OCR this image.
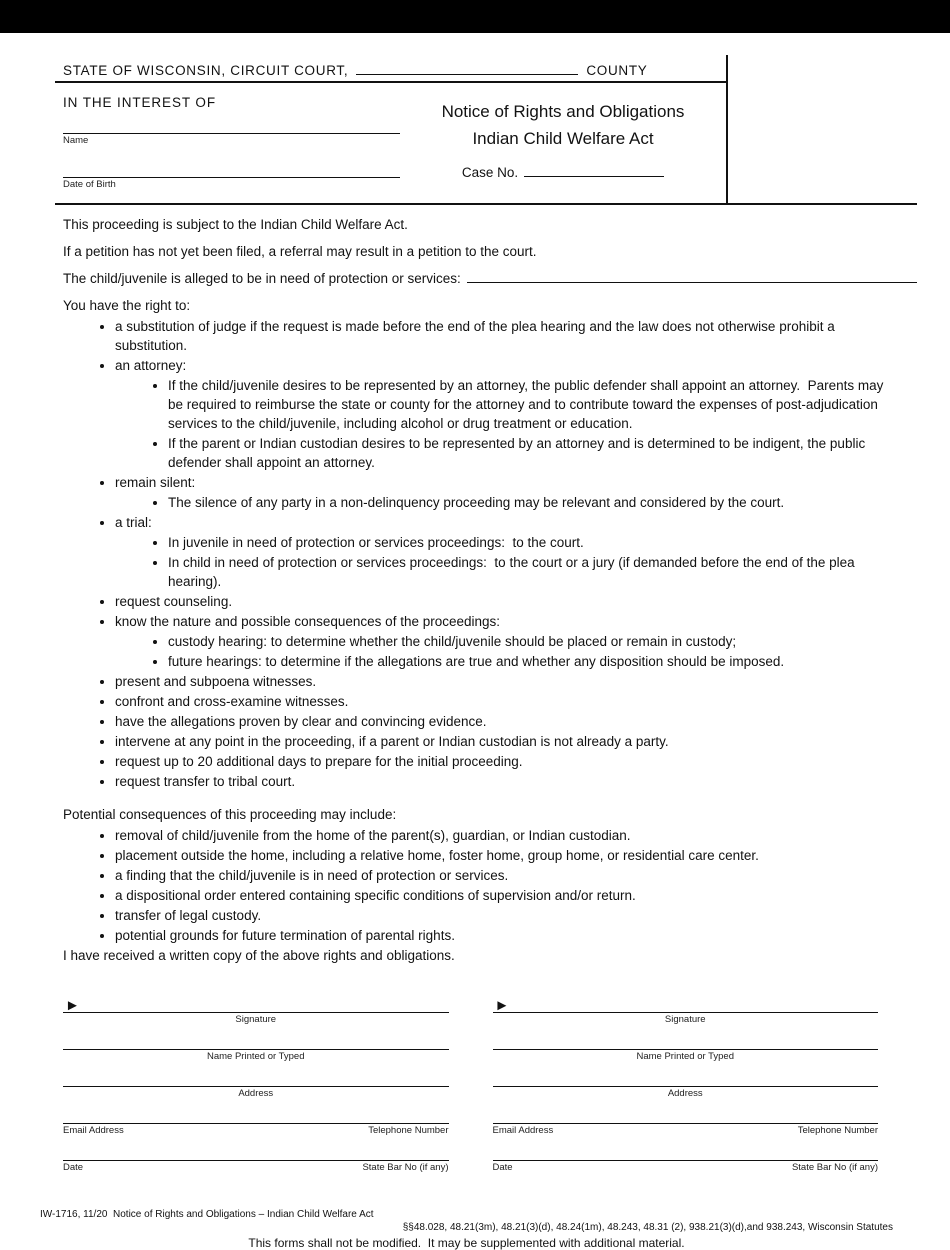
STATE OF WISCONSIN, CIRCUIT COURT,	COUNTY
IN THE INTEREST OF
Name
Date of Birth
Notice of Rights and Obligations
Indian Child Welfare Act
Case No.
This proceeding is subject to the Indian Child Welfare Act.
If a petition has not yet been filed, a referral may result in a petition to the court.
The child/juvenile is alleged to be in need of protection or services:
You have the right to:
• a substitution of judge if the request is made before the end of the plea hearing and the law does not otherwise prohibit a substitution.
• an attorney:
• If the child/juvenile desires to be represented by an attorney, the public defender shall appoint an attorney.  Parents may be required to reimburse the state or county for the attorney and to contribute toward the expenses of post-adjudication services to the child/juvenile, including alcohol or drug treatment or education.
• If the parent or Indian custodian desires to be represented by an attorney and is determined to be indigent, the public defender shall appoint an attorney.
• remain silent:
• The silence of any party in a non-delinquency proceeding may be relevant and considered by the court.
• a trial:
• In juvenile in need of protection or services proceedings:  to the court.
• In child in need of protection or services proceedings:  to the court or a jury (if demanded before the end of the plea hearing).
• request counseling.
• know the nature and possible consequences of the proceedings:
• custody hearing: to determine whether the child/juvenile should be placed or remain in custody;
• future hearings: to determine if the allegations are true and whether any disposition should be imposed.
• present and subpoena witnesses.
• confront and cross-examine witnesses.
• have the allegations proven by clear and convincing evidence.
• intervene at any point in the proceeding, if a parent or Indian custodian is not already a party.
• request up to 20 additional days to prepare for the initial proceeding.
• request transfer to tribal court.
Potential consequences of this proceeding may include:
• removal of child/juvenile from the home of the parent(s), guardian, or Indian custodian.
• placement outside the home, including a relative home, foster home, group home, or residential care center.
• a finding that the child/juvenile is in need of protection or services.
• a dispositional order entered containing specific conditions of supervision and/or return.
• transfer of legal custody.
• potential grounds for future termination of parental rights.
I have received a written copy of the above rights and obligations.
►
Signature
Name Printed or Typed
Address
Email Address	Telephone Number
Date	State Bar No (if any)
►
Signature
Name Printed or Typed
Address
Email Address	Telephone Number
Date	State Bar No (if any)
IW-1716, 11/20  Notice of Rights and Obligations – Indian Child Welfare Act
§§48.028, 48.21(3m), 48.21(3)(d), 48.24(1m), 48.243, 48.31 (2), 938.21(3)(d),and 938.243, Wisconsin Statutes
This forms shall not be modified.  It may be supplemented with additional material.
